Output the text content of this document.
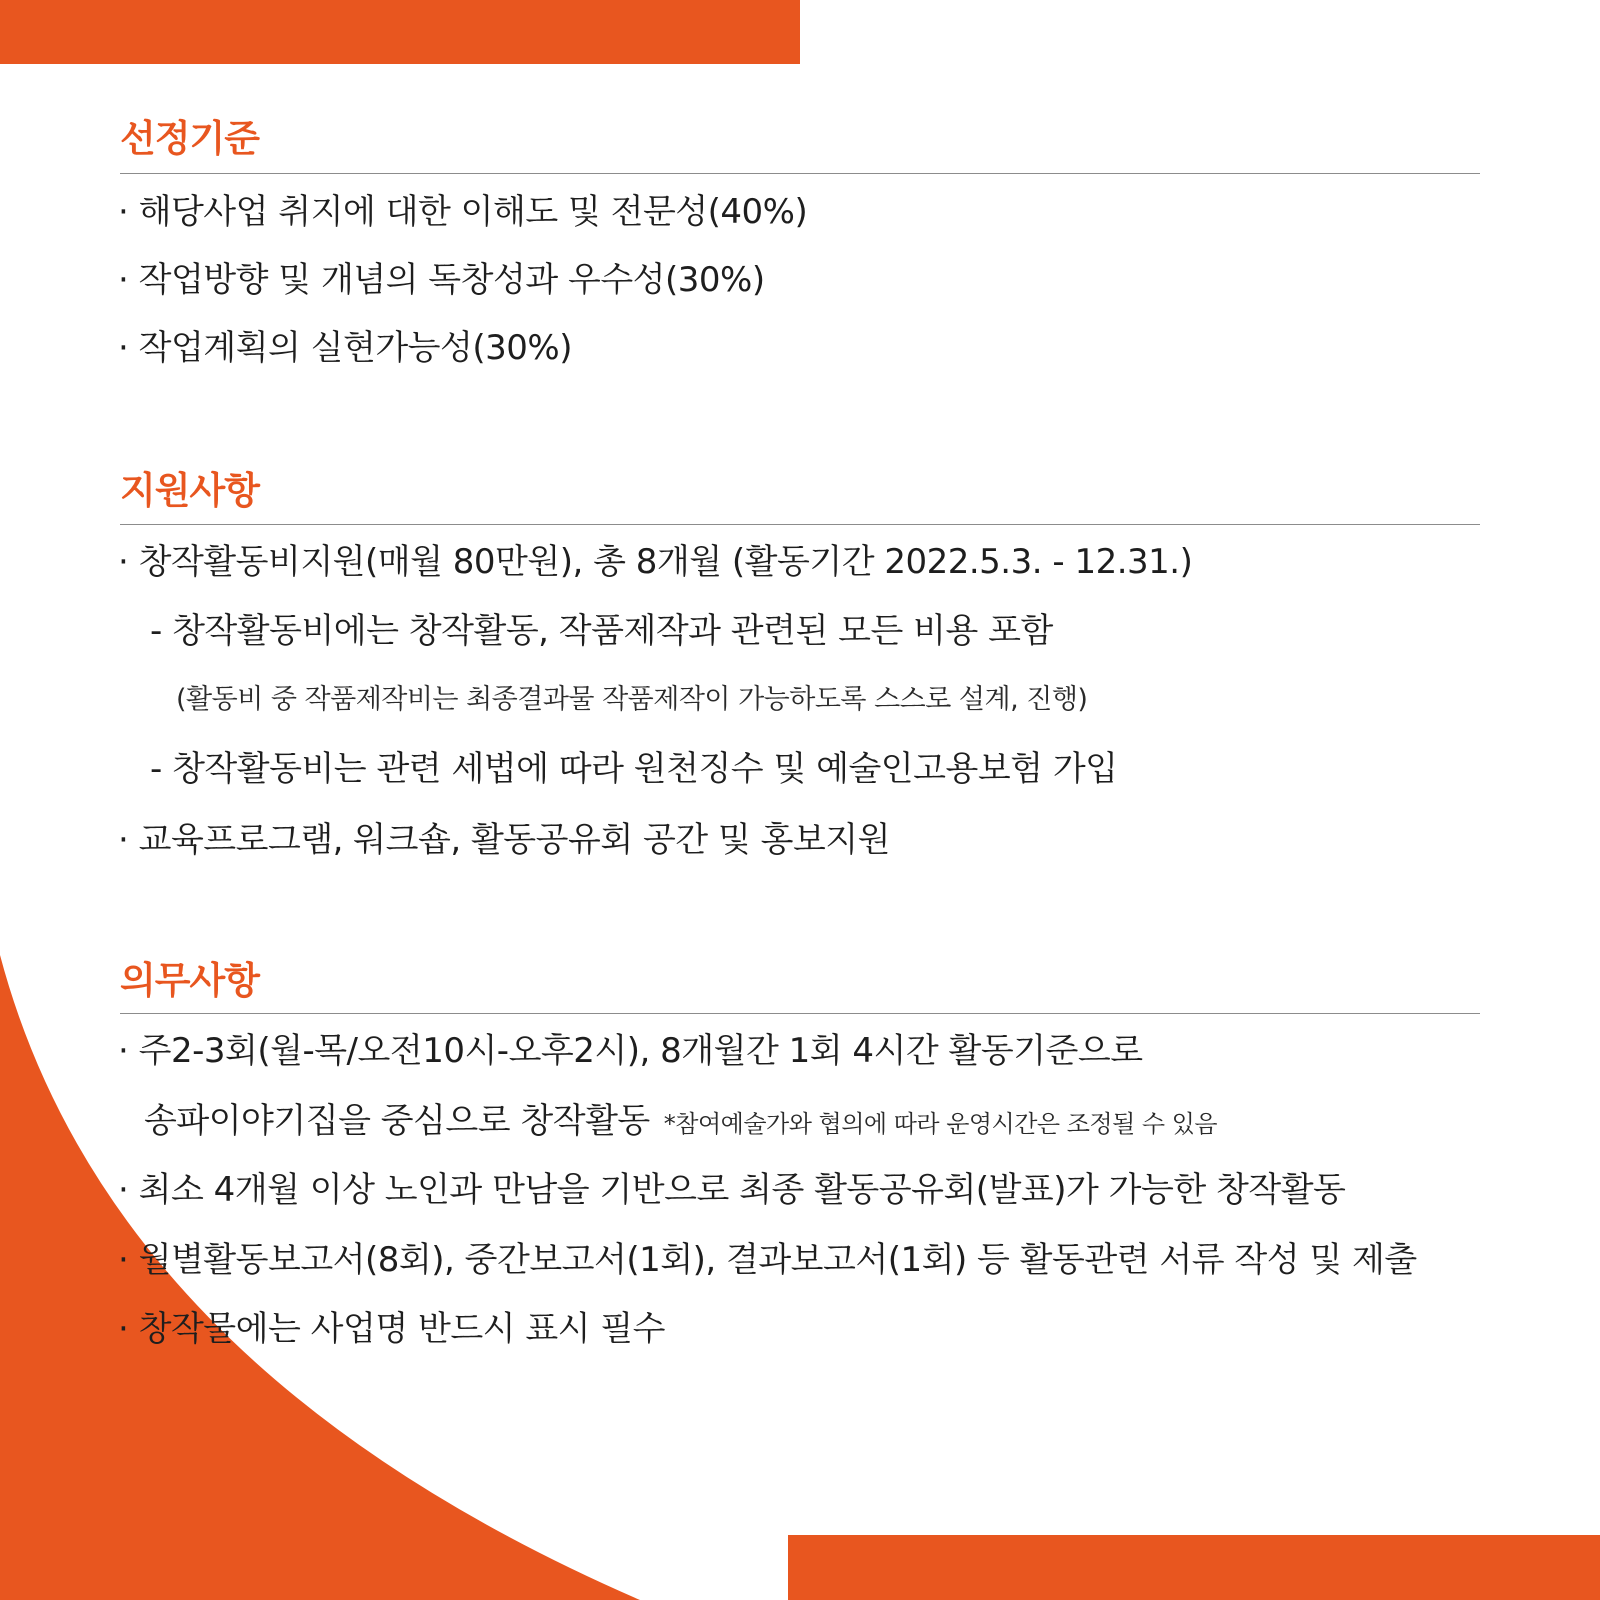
선정기준
· 해당사업 취지에 대한 이해도 및 전문성(40%)
· 작업방향 및 개념의 독창성과 우수성(30%)
· 작업계획의 실현가능성(30%)
지원사항
· 창작활동비지원(매월 80만원), 총 8개월 (활동기간 2022.5.3. - 12.31.)
- 창작활동비에는 창작활동, 작품제작과 관련된 모든 비용 포함
(활동비 중 작품제작비는 최종결과물 작품제작이 가능하도록 스스로 설계, 진행)
- 창작활동비는 관련 세법에 따라 원천징수 및 예술인고용보험 가입
· 교육프로그램, 워크숍, 활동공유회 공간 및 홍보지원
의무사항
· 주2-3회(월-목/오전10시-오후2시), 8개월간 1회 4시간 활동기준으로
송파이야기집을 중심으로 창작활동 *참여예술가와 협의에 따라 운영시간은 조정될 수 있음
· 최소 4개월 이상 노인과 만남을 기반으로 최종 활동공유회(발표)가 가능한 창작활동
· 월별활동보고서(8회), 중간보고서(1회), 결과보고서(1회) 등 활동관련 서류 작성 및 제출
· 창작물에는 사업명 반드시 표시 필수
